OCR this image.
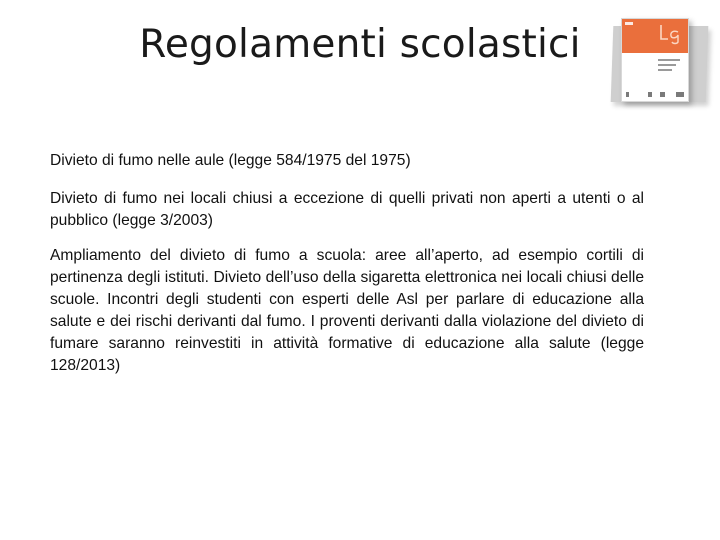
Regolamenti scolastici

Divieto di fumo nelle aule (legge 584/1975 del 1975)

Divieto di fumo nei locali chiusi a eccezione di quelli privati non aperti a utenti o al pubblico (legge 3/2003)

Ampliamento del divieto di fumo a scuola: aree all’aperto, ad esempio cortili di pertinenza degli istituti. Divieto dell’uso della sigaretta elettronica nei locali chiusi delle scuole. Incontri degli studenti con esperti delle Asl per parlare di educazione alla salute e dei rischi derivanti dal fumo. I proventi derivanti dalla violazione del divieto di fumare saranno reinvestiti in attività formative di educazione alla salute (legge 128/2013)
